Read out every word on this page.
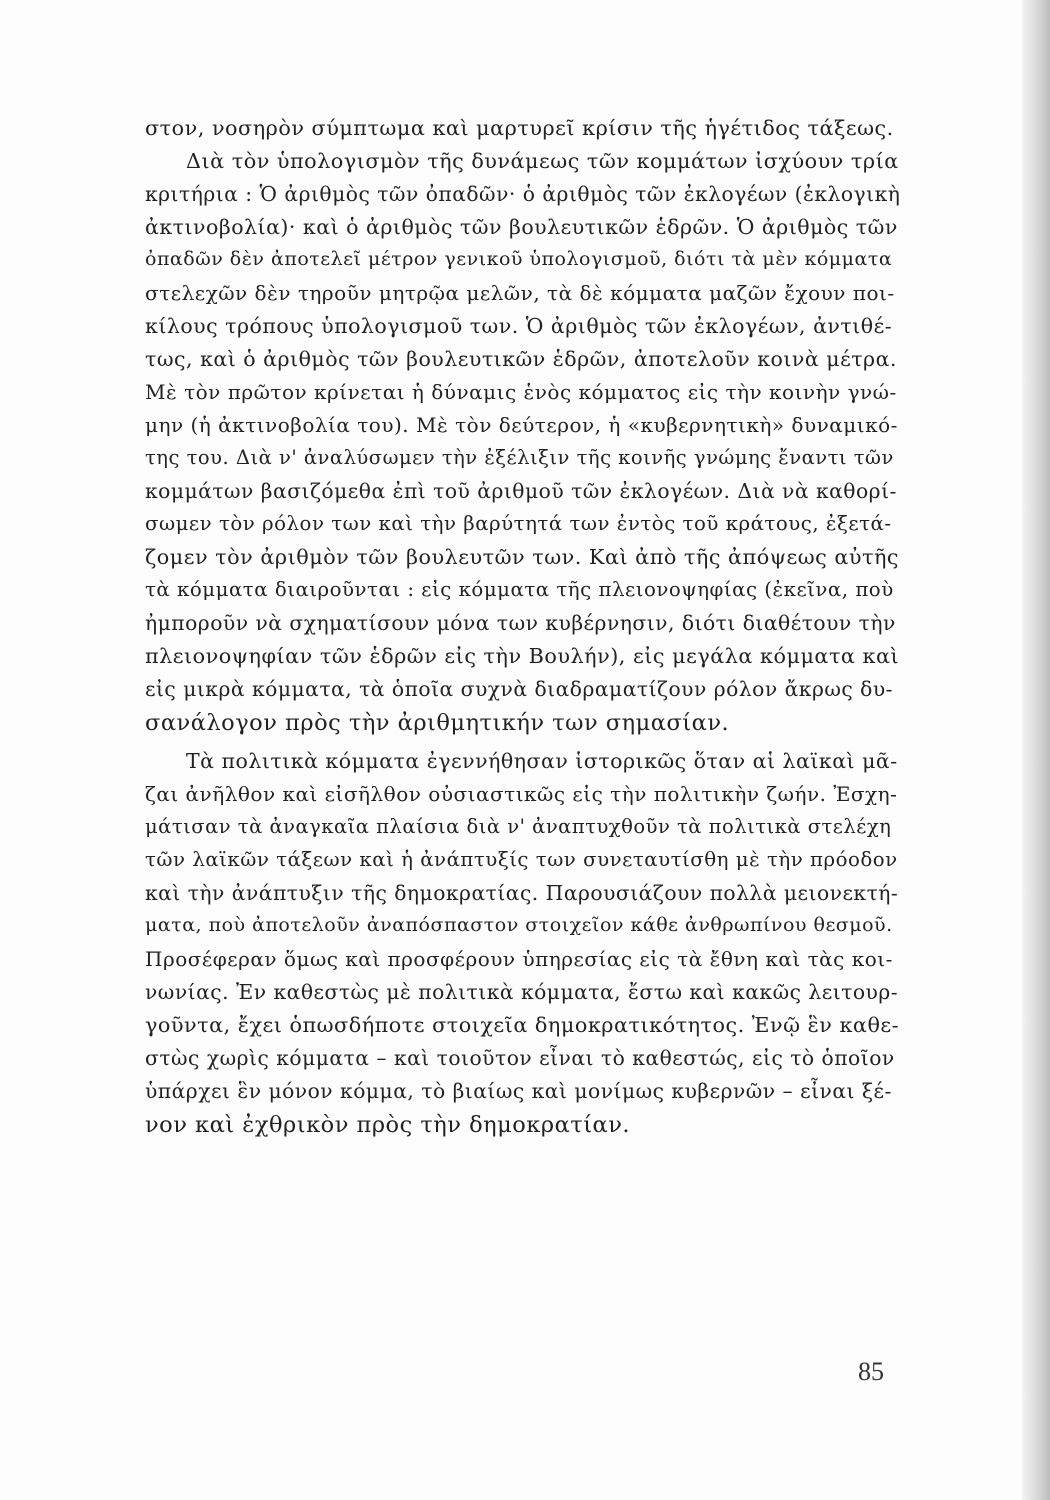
στον, νοσηρὸν σύμπτωμα καὶ μαρτυρεῖ κρίσιν τῆς ἡγέτιδος τάξεως.
Διὰ τὸν ὑπολογισμὸν τῆς δυνάμεως τῶν κομμάτων ἰσχύουν τρία
κριτήρια : Ὁ ἀριθμὸς τῶν ὀπαδῶν· ὁ ἀριθμὸς τῶν ἐκλογέων (ἐκλογικὴ
ἀκτινοβολία)· καὶ ὁ ἀριθμὸς τῶν βουλευτικῶν ἑδρῶν. Ὁ ἀριθμὸς τῶν
ὀπαδῶν δὲν ἀποτελεῖ μέτρον γενικοῦ ὑπολογισμοῦ, διότι τὰ μὲν κόμματα
στελεχῶν δὲν τηροῦν μητρῷα μελῶν, τὰ δὲ κόμματα μαζῶν ἔχουν ποι-
κίλους τρόπους ὑπολογισμοῦ των. Ὁ ἀριθμὸς τῶν ἐκλογέων, ἀντιθέ-
τως, καὶ ὁ ἀριθμὸς τῶν βουλευτικῶν ἑδρῶν, ἀποτελοῦν κοινὰ μέτρα.
Μὲ τὸν πρῶτον κρίνεται ἡ δύναμις ἑνὸς κόμματος εἰς τὴν κοινὴν γνώ-
μην (ἡ ἀκτινοβολία του). Μὲ τὸν δεύτερον, ἡ «κυβερνητικὴ» δυναμικό-
της του. Διὰ ν' ἀναλύσωμεν τὴν ἐξέλιξιν τῆς κοινῆς γνώμης ἔναντι τῶν
κομμάτων βασιζόμεθα ἐπὶ τοῦ ἀριθμοῦ τῶν ἐκλογέων. Διὰ νὰ καθορί-
σωμεν τὸν ρόλον των καὶ τὴν βαρύτητά των ἐντὸς τοῦ κράτους, ἐξετά-
ζομεν τὸν ἀριθμὸν τῶν βουλευτῶν των. Καὶ ἀπὸ τῆς ἀπόψεως αὐτῆς
τὰ κόμματα διαιροῦνται : εἰς κόμματα τῆς πλειονοψηφίας (ἐκεῖνα, ποὺ
ἠμποροῦν νὰ σχηματίσουν μόνα των κυβέρνησιν, διότι διαθέτουν τὴν
πλειονοψηφίαν τῶν ἑδρῶν εἰς τὴν Βουλήν), εἰς μεγάλα κόμματα καὶ
εἰς μικρὰ κόμματα, τὰ ὁποῖα συχνὰ διαδραματίζουν ρόλον ἄκρως δυ-
σανάλογον πρὸς τὴν ἀριθμητικήν των σημασίαν.
Τὰ πολιτικὰ κόμματα ἐγεννήθησαν ἱστορικῶς ὅταν αἱ λαϊκαὶ μᾶ-
ζαι ἀνῆλθον καὶ εἰσῆλθον οὐσιαστικῶς εἰς τὴν πολιτικὴν ζωήν. Ἐσχη-
μάτισαν τὰ ἀναγκαῖα πλαίσια διὰ ν' ἀναπτυχθοῦν τὰ πολιτικὰ στελέχη
τῶν λαϊκῶν τάξεων καὶ ἡ ἀνάπτυξίς των συνεταυτίσθη μὲ τὴν πρόοδον
καὶ τὴν ἀνάπτυξιν τῆς δημοκρατίας. Παρουσιάζουν πολλὰ μειονεκτή-
ματα, ποὺ ἀποτελοῦν ἀναπόσπαστον στοιχεῖον κάθε ἀνθρωπίνου θεσμοῦ.
Προσέφεραν ὅμως καὶ προσφέρουν ὑπηρεσίας εἰς τὰ ἔθνη καὶ τὰς κοι-
νωνίας. Ἐν καθεστὼς μὲ πολιτικὰ κόμματα, ἔστω καὶ κακῶς λειτουρ-
γοῦντα, ἔχει ὁπωσδήποτε στοιχεῖα δημοκρατικότητος. Ἐνῷ ἓν καθε-
στὼς χωρὶς κόμματα – καὶ τοιοῦτον εἶναι τὸ καθεστώς, εἰς τὸ ὁποῖον
ὑπάρχει ἓν μόνον κόμμα, τὸ βιαίως καὶ μονίμως κυβερνῶν – εἶναι ξέ-
νον καὶ ἐχθρικὸν πρὸς τὴν δημοκρατίαν.
85
